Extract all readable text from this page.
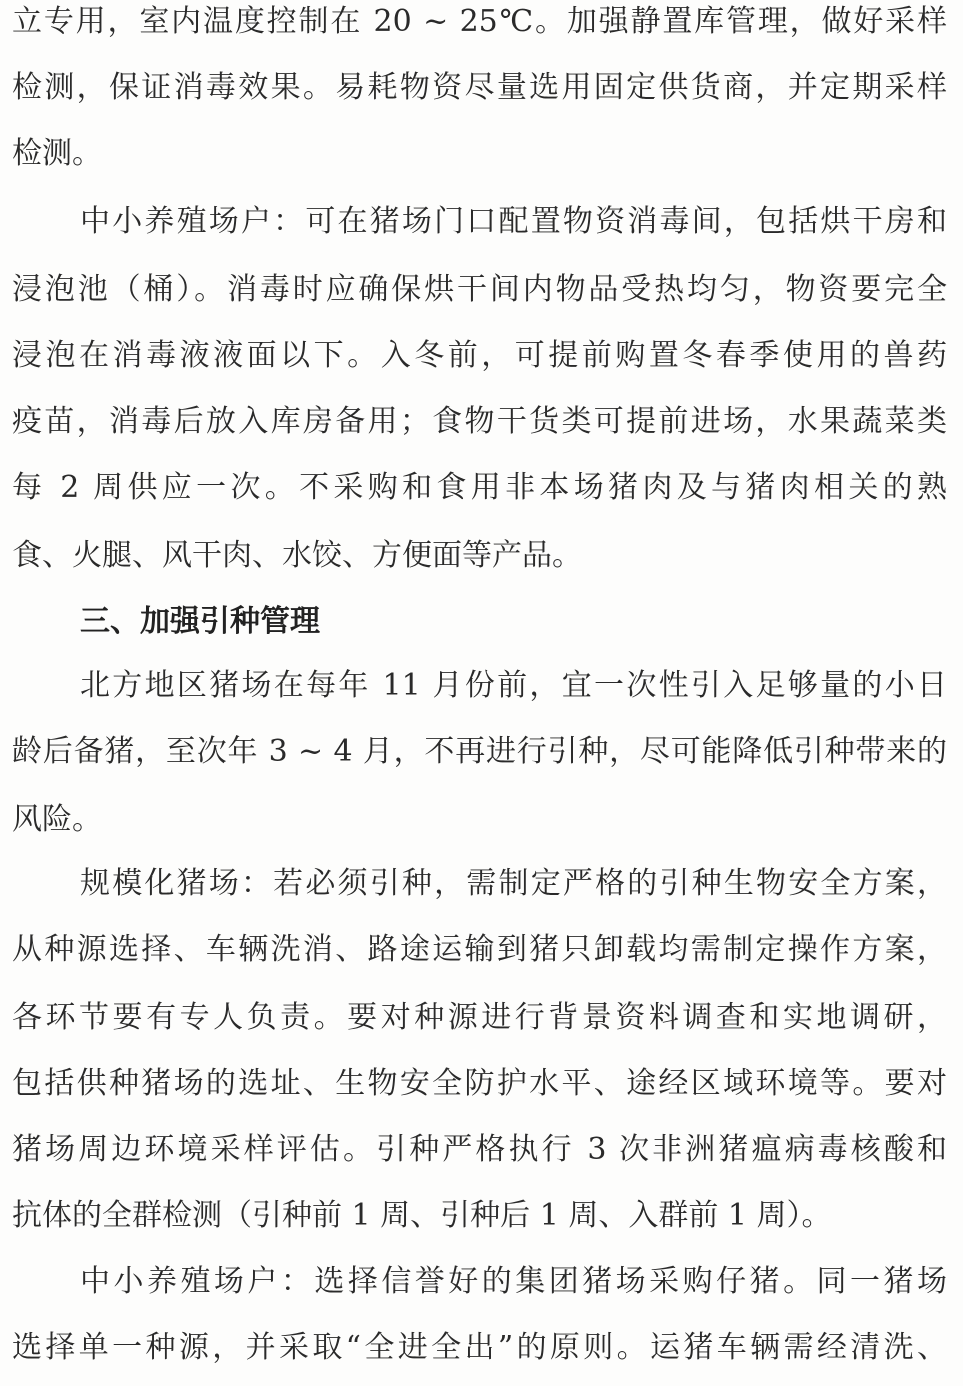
立专用，室内温度控制在 20 ~ 25℃。加强静置库管理，做好采样
检测，保证消毒效果。易耗物资尽量选用固定供货商，并定期采样
检测。
中小养殖场户：可在猪场门口配置物资消毒间，包括烘干房和
浸泡池（桶）。消毒时应确保烘干间内物品受热均匀，物资要完全
浸泡在消毒液液面以下。入冬前，可提前购置冬春季使用的兽药
疫苗，消毒后放入库房备用；食物干货类可提前进场，水果蔬菜类
每 2 周供应一次。不采购和食用非本场猪肉及与猪肉相关的熟
食、火腿、风干肉、水饺、方便面等产品。
三、加强引种管理
北方地区猪场在每年 11 月份前，宜一次性引入足够量的小日
龄后备猪，至次年 3 ~ 4 月，不再进行引种，尽可能降低引种带来的
风险。
规模化猪场：若必须引种，需制定严格的引种生物安全方案，
从种源选择、车辆洗消、路途运输到猪只卸载均需制定操作方案，
各环节要有专人负责。要对种源进行背景资料调查和实地调研，
包括供种猪场的选址、生物安全防护水平、途经区域环境等。要对
猪场周边环境采样评估。引种严格执行 3 次非洲猪瘟病毒核酸和
抗体的全群检测（引种前 1 周、引种后 1 周、入群前 1 周）。
中小养殖场户：选择信誉好的集团猪场采购仔猪。同一猪场
选择单一种源，并采取“全进全出”的原则。运猪车辆需经清洗、
